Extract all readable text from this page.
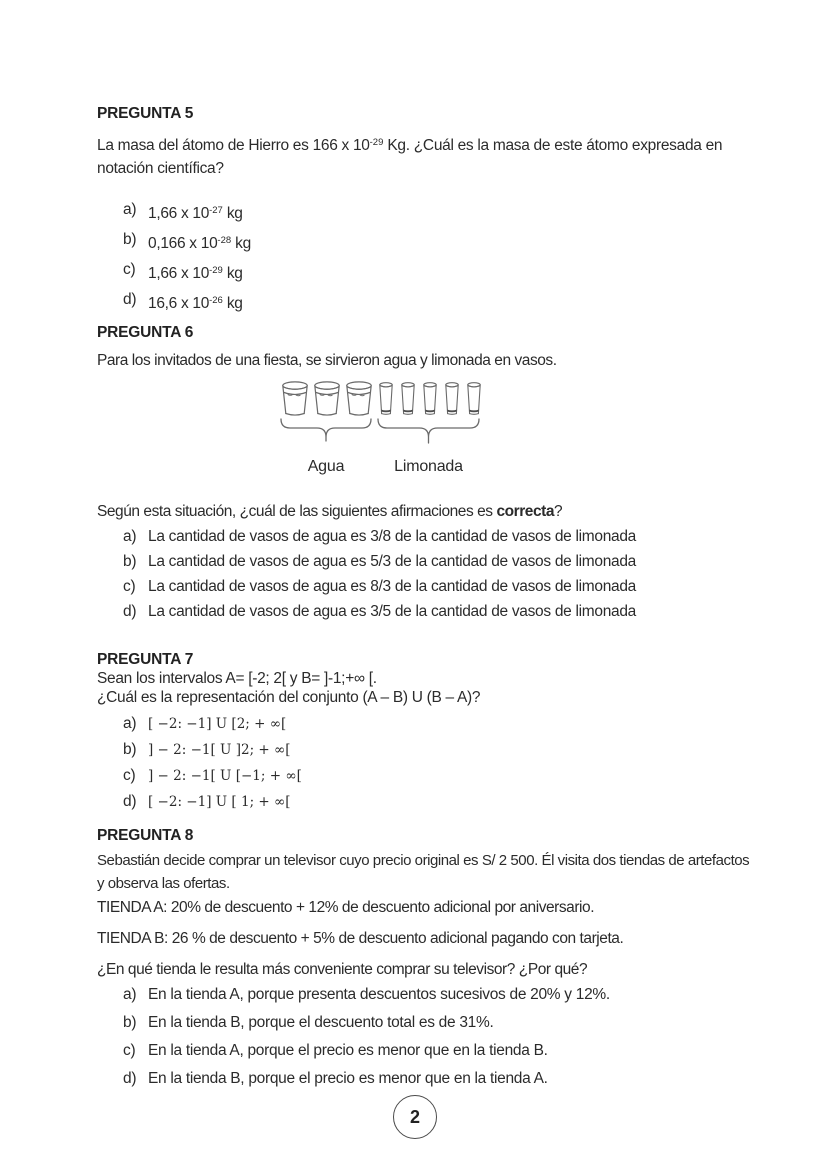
PREGUNTA 5
La masa del átomo de Hierro es 166 x $10^{-29}$ Kg. ¿Cuál es la masa de este átomo expresada en notación científica?
a) 1,66 x $10^{-27}$ kg
b) 0,166 x $10^{-28}$ kg
c) 1,66 x $10^{-29}$ kg
d) 16,6 x $10^{-26}$ kg
PREGUNTA 6
Para los invitados de una fiesta, se sirvieron agua y limonada en vasos.
Agua	Limonada
Según esta situación, ¿cuál de las siguientes afirmaciones es correcta?
a) La cantidad de vasos de agua es 3/8 de la cantidad de vasos de limonada
b) La cantidad de vasos de agua es 5/3 de la cantidad de vasos de limonada
c) La cantidad de vasos de agua es 8/3 de la cantidad de vasos de limonada
d) La cantidad de vasos de agua es 3/5 de la cantidad de vasos de limonada
PREGUNTA 7
Sean los intervalos A= [-2; 2[ y B= ]-1;+∞ [.
¿Cuál es la representación del conjunto (A – B) U (B – A)?
a) [ −2: −1] U [2; + ∞[
b) ] − 2: −1[ U ]2; + ∞[
c) ] − 2: −1[ U [−1; + ∞[
d) [ −2: −1] U [ 1; + ∞[
PREGUNTA 8
Sebastián decide comprar un televisor cuyo precio original es S/ 2 500. Él visita dos tiendas de artefactos y observa las ofertas.
TIENDA A: 20% de descuento + 12% de descuento adicional por aniversario.
TIENDA B: 26 % de descuento + 5% de descuento adicional pagando con tarjeta.
¿En qué tienda le resulta más conveniente comprar su televisor? ¿Por qué?
a) En la tienda A, porque presenta descuentos sucesivos de 20% y 12%.
b) En la tienda B, porque el descuento total es de 31%.
c) En la tienda A, porque el precio es menor que en la tienda B.
d) En la tienda B, porque el precio es menor que en la tienda A.
2
